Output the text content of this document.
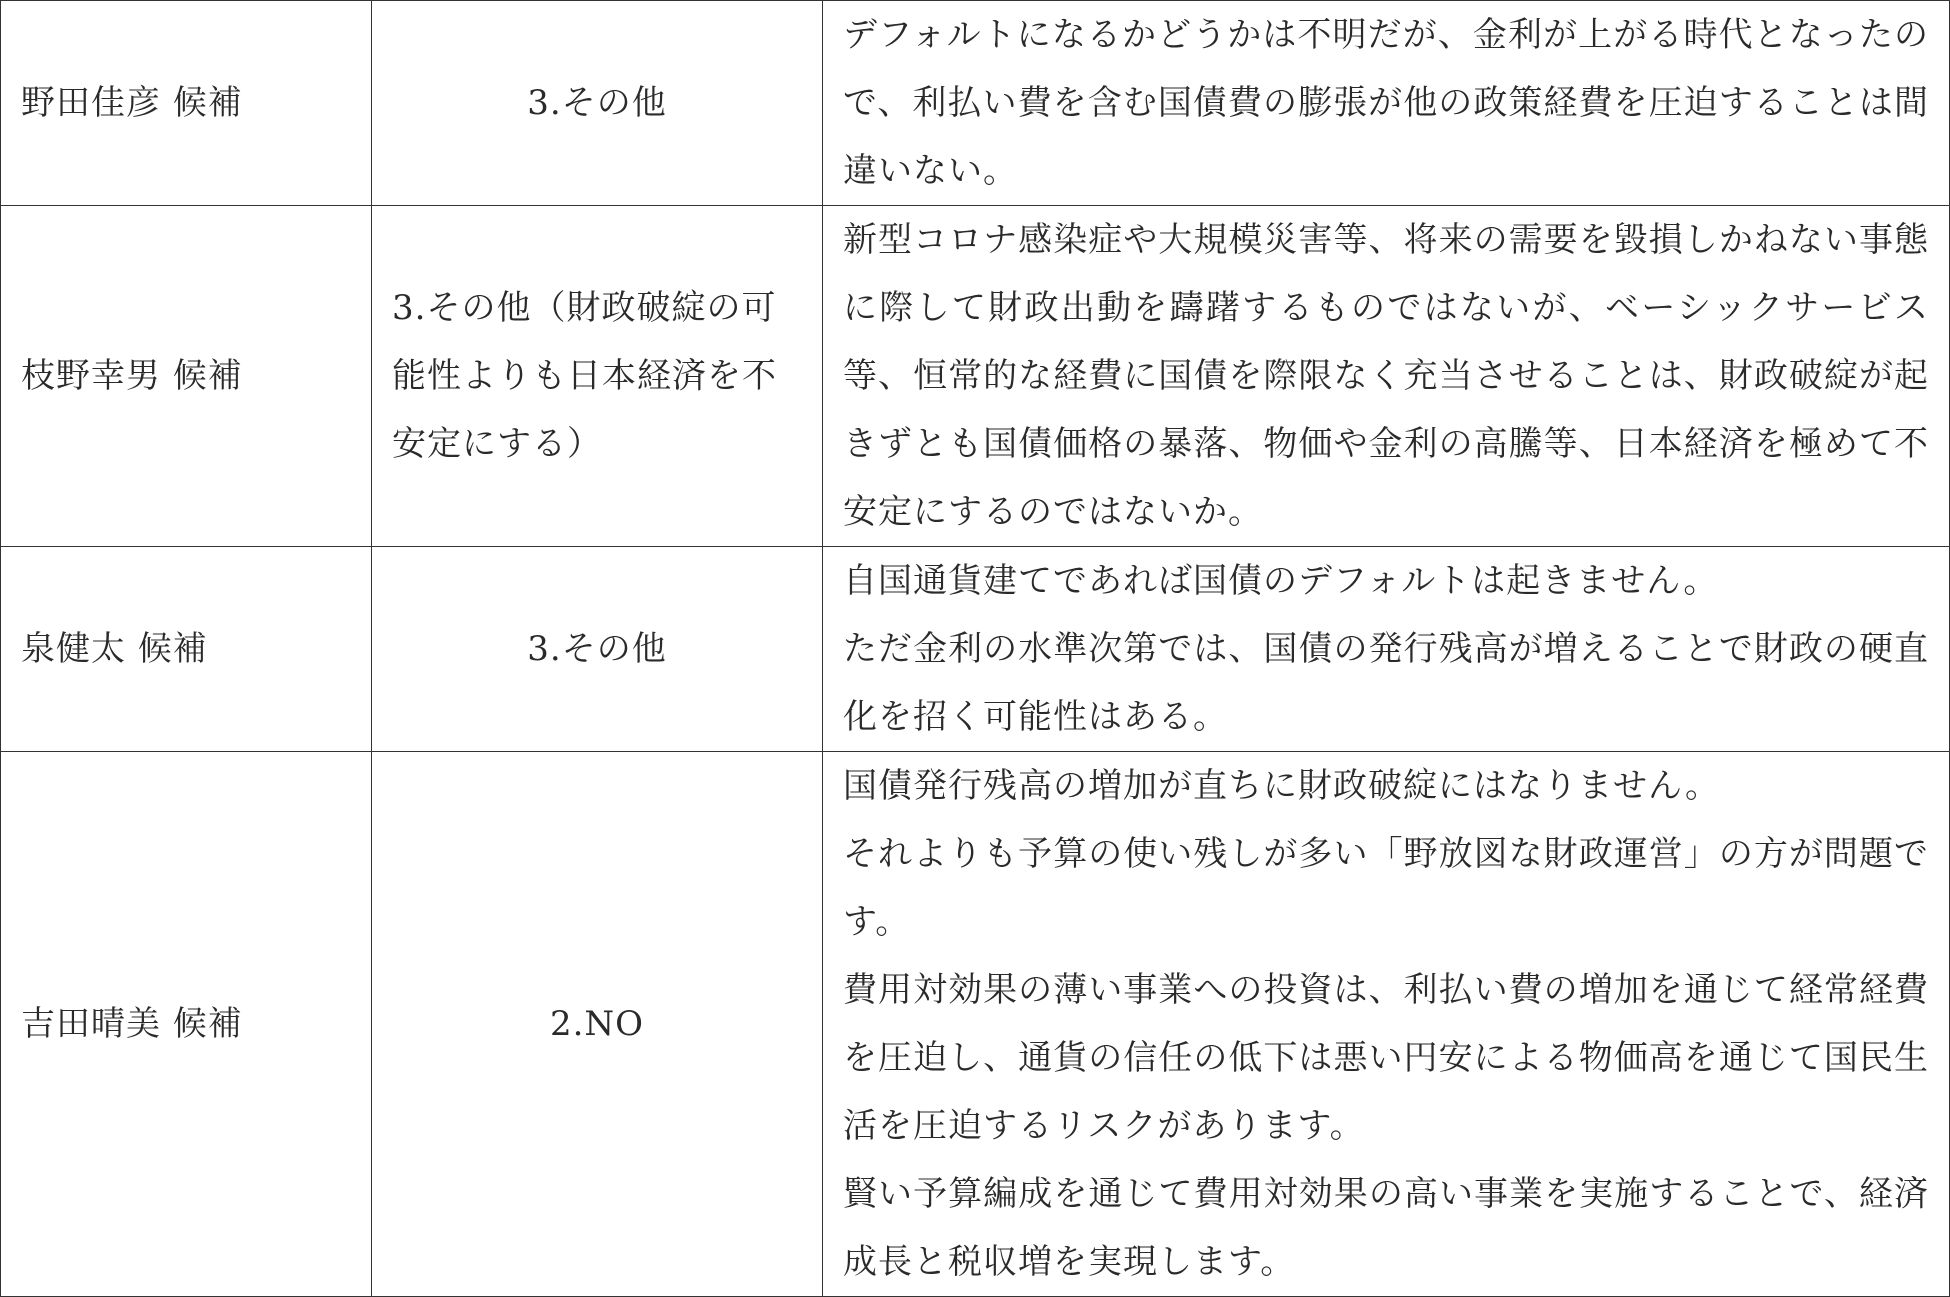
野田佳彦 候補	3.その他	デフォルトになるかどうかは不明だが、金利が上がる時代となったので、利払い費を含む国債費の膨張が他の政策経費を圧迫することは間違いない。

枝野幸男 候補	3.その他（財政破綻の可能性よりも日本経済を不安定にする）	新型コロナ感染症や大規模災害等、将来の需要を毀損しかねない事態に際して財政出動を躊躇するものではないが、ベーシックサービス等、恒常的な経費に国債を際限なく充当させることは、財政破綻が起きずとも国債価格の暴落、物価や金利の高騰等、日本経済を極めて不安定にするのではないか。

泉健太 候補	3.その他	自国通貨建てであれば国債のデフォルトは起きません。
ただ金利の水準次第では、国債の発行残高が増えることで財政の硬直化を招く可能性はある。

吉田晴美 候補	2.NO	国債発行残高の増加が直ちに財政破綻にはなりません。
それよりも予算の使い残しが多い「野放図な財政運営」の方が問題です。
費用対効果の薄い事業への投資は、利払い費の増加を通じて経常経費を圧迫し、通貨の信任の低下は悪い円安による物価高を通じて国民生活を圧迫するリスクがあります。
賢い予算編成を通じて費用対効果の高い事業を実施することで、経済成長と税収増を実現します。
